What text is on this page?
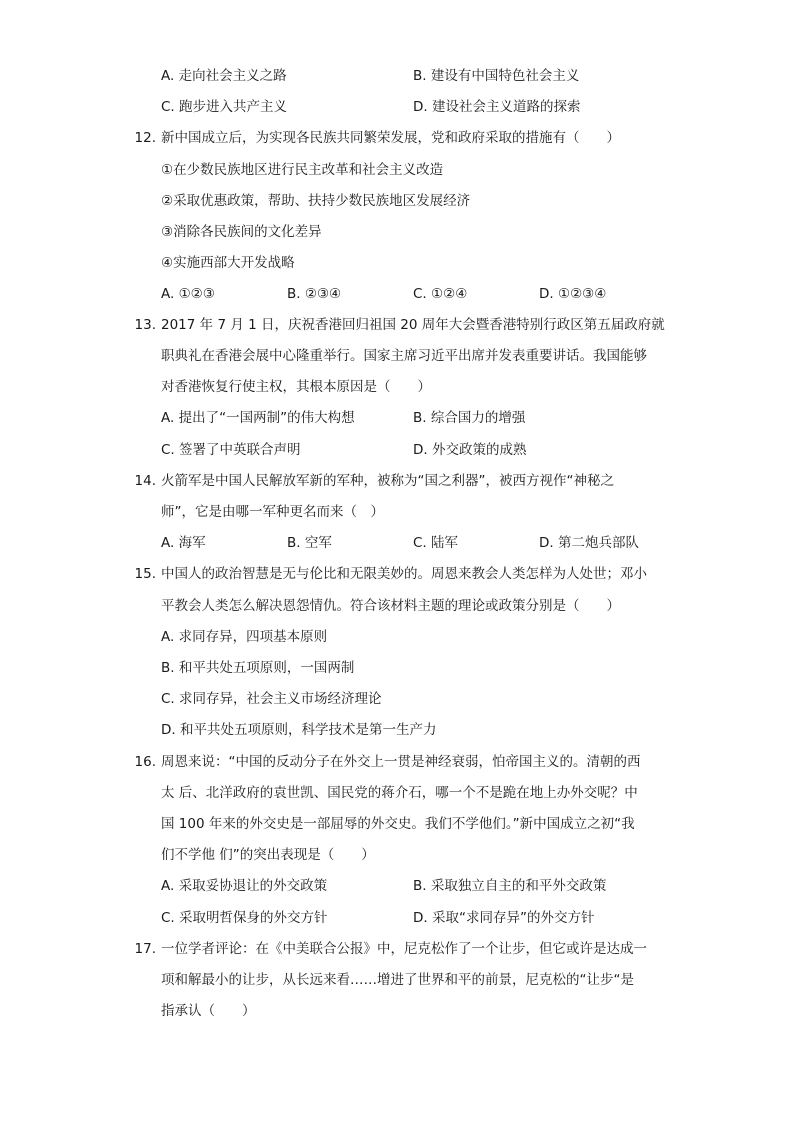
A. 走向社会主义之路	B. 建设有中国特色社会主义
C. 跑步进入共产主义	D. 建设社会主义道路的探索
12. 新中国成立后，为实现各民族共同繁荣发展，党和政府采取的措施有（　　）
①在少数民族地区进行民主改革和社会主义改造
②采取优惠政策，帮助、扶持少数民族地区发展经济
③消除各民族间的文化差异
④实施西部大开发战略
A. ①②③	B. ②③④	C. ①②④	D. ①②③④
13. 2017 年 7 月 1 日，庆祝香港回归祖国 20 周年大会暨香港特别行政区第五届政府就
职典礼在香港会展中心隆重举行。国家主席习近平出席并发表重要讲话。我国能够
对香港恢复行使主权，其根本原因是（　　）
A. 提出了“一国两制”的伟大构想	B. 综合国力的增强
C. 签署了中英联合声明	D. 外交政策的成熟
14. 火箭军是中国人民解放军新的军种，被称为“国之利器”，被西方视作“神秘之
师”，它是由哪一军种更名而来（　）
A. 海军	B. 空军	C. 陆军	D. 第二炮兵部队
15. 中国人的政治智慧是无与伦比和无限美妙的。周恩来教会人类怎样为人处世；邓小
平教会人类怎么解决恩怨情仇。符合该材料主题的理论或政策分别是（　　）
A. 求同存异，四项基本原则
B. 和平共处五项原则，一国两制
C. 求同存异，社会主义市场经济理论
D. 和平共处五项原则，科学技术是第一生产力
16. 周恩来说：“中国的反动分子在外交上一贯是神经衰弱，怕帝国主义的。清朝的西
太 后、北洋政府的袁世凯、国民党的蒋介石，哪一个不是跪在地上办外交呢？中
国 100 年来的外交史是一部屈辱的外交史。我们不学他们。”新中国成立之初“我
们不学他 们”的突出表现是（　　）
A. 采取妥协退让的外交政策	B. 采取独立自主的和平外交政策
C. 采取明哲保身的外交方针	D. 采取“求同存异”的外交方针
17. 一位学者评论：在《中美联合公报》中，尼克松作了一个让步，但它或许是达成一
项和解最小的让步，从长远来看……增进了世界和平的前景，尼克松的“让步“是
指承认（　　）
